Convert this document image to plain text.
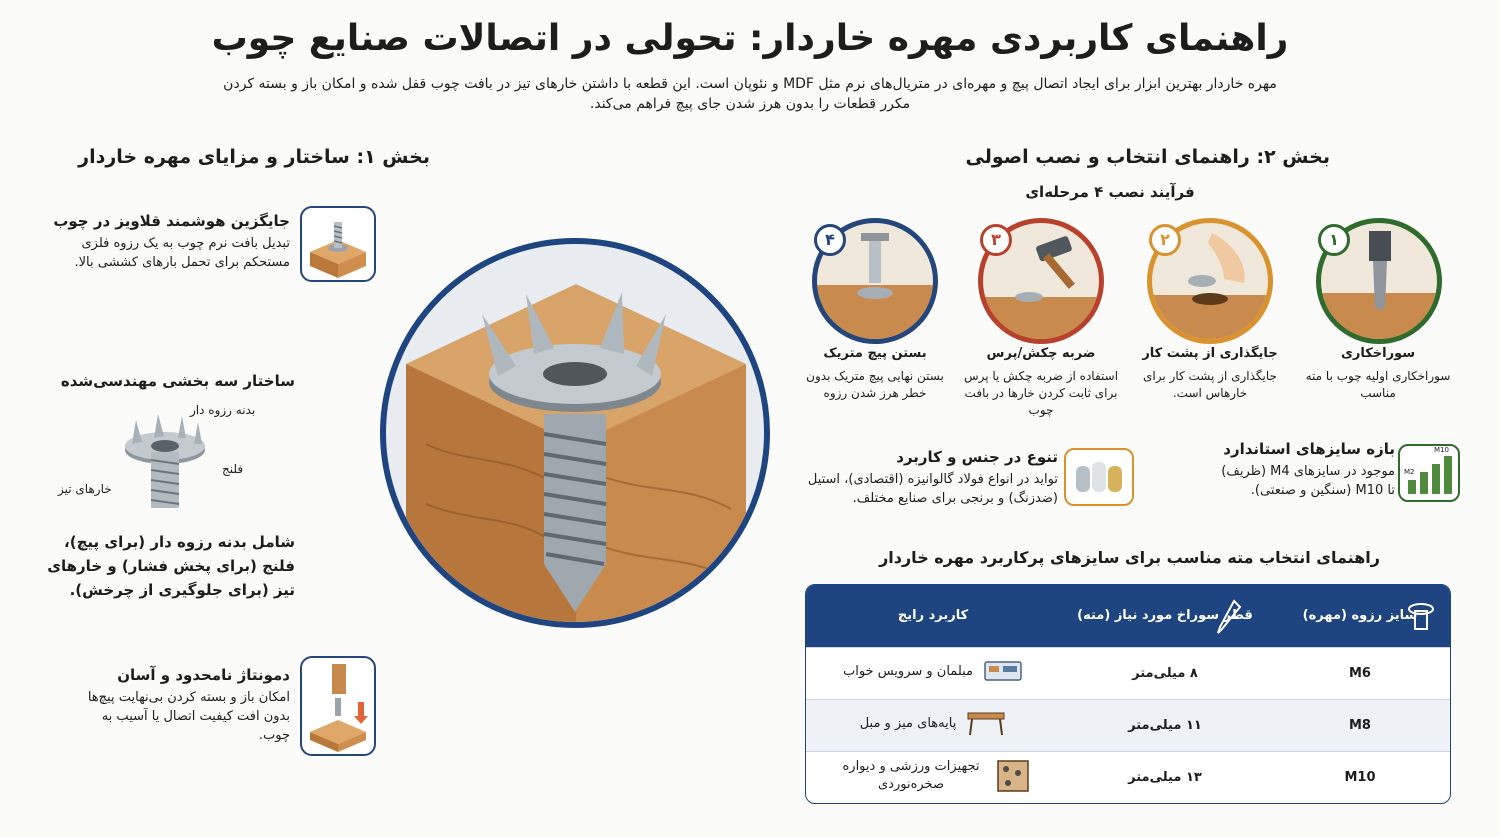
راهنمای کاربردی مهره خاردار: تحولی در اتصالات صنایع چوب
مهره خاردار بهترین ابزار برای ایجاد اتصال پیچ و مهره‌ای در متریال‌های نرم مثل MDF و نئوپان است. این قطعه با داشتن خارهای تیز در بافت چوب قفل شده و امکان باز و بسته کردن مکرر قطعات را بدون هرز شدن جای پیچ فراهم می‌کند.
بخش ۱: ساختار و مزایای مهره خاردار
جایگزین هوشمند قلاویز در چوب
تبدیل بافت نرم چوب به یک رزوه فلزی مستحکم برای تحمل بارهای کششی بالا.
ساختار سه بخشی مهندسی‌شده
بدنه رزوه دار
فلنج
خارهای تیز
شامل بدنه رزوه دار (برای پیچ)، فلنج (برای پخش فشار) و خارهای تیز (برای جلوگیری از چرخش).
دمونتاژ نامحدود و آسان
امکان باز و بسته کردن بی‌نهایت پیچ‌ها بدون افت کیفیت اتصال یا آسیب به چوب.
بخش ۲: راهنمای انتخاب و نصب اصولی
فرآیند نصب ۴ مرحله‌ای
۱
سوراخکاری
سوراخکاری اولیه چوب با مته مناسب
۲
جایگذاری از پشت کار
جایگذاری از پشت کار برای خارهاس است.
۳
ضربه چکش/پرس
استفاده از ضربه چکش یا پرس برای ثابت کردن خارها در بافت چوب
۴
بستن پیچ متریک
بستن نهایی پیچ متریک بدون خطر هرز شدن رزوه
بازه سایزهای استاندارد
موجود در سایزهای M4 (ظریف) تا M10 (سنگین و صنعتی).
M2
M10
تنوع در جنس و کاربرد
تواید در انواع فولاد گالوانیزه (اقتصادی)، استیل (ضدزنگ) و برنجی برای صنایع مختلف.
راهنمای انتخاب مته مناسب برای سایزهای پرکاربرد مهره خاردار
سایز رزوه (مهره)	قطر سوراخ مورد نیاز (مته)	کاربرد رایج
M6	۸ میلی‌متر	مبلمان و سرویس خواب

M8	۱۱ میلی‌متر	پایه‌های میز و مبل

M10	۱۳ میلی‌متر	تجهیزات ورزشی و دیواره صخره‌نوردی
